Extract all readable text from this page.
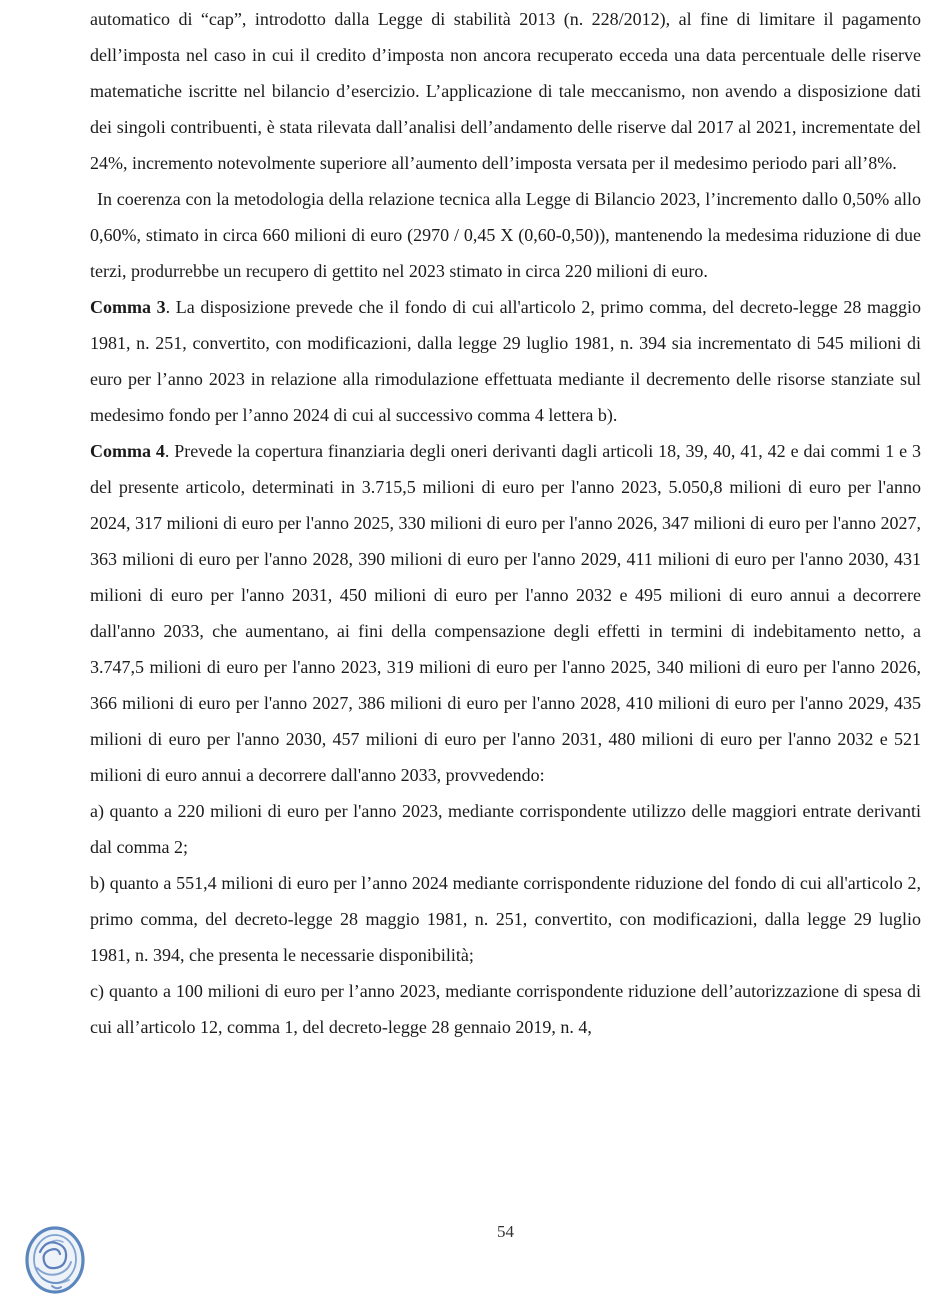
automatico di “cap”, introdotto dalla Legge di stabilità 2013 (n. 228/2012), al fine di limitare il pagamento dell’imposta nel caso in cui il credito d’imposta non ancora recuperato ecceda una data percentuale delle riserve matematiche iscritte nel bilancio d’esercizio. L’applicazione di tale meccanismo, non avendo a disposizione dati dei singoli contribuenti, è stata rilevata dall’analisi dell’andamento delle riserve dal 2017 al 2021, incrementate del 24%, incremento notevolmente superiore all’aumento dell’imposta versata per il medesimo periodo pari all’8%.

In coerenza con la metodologia della relazione tecnica alla Legge di Bilancio 2023, l’incremento dallo 0,50% allo 0,60%, stimato in circa 660 milioni di euro (2970 / 0,45 X (0,60-0,50)), mantenendo la medesima riduzione di due terzi, produrrebbe un recupero di gettito nel 2023 stimato in circa 220 milioni di euro.

Comma 3. La disposizione prevede che il fondo di cui all'articolo 2, primo comma, del decreto-legge 28 maggio 1981, n. 251, convertito, con modificazioni, dalla legge 29 luglio 1981, n. 394 sia incrementato di 545 milioni di euro per l’anno 2023 in relazione alla rimodulazione effettuata mediante il decremento delle risorse stanziate sul medesimo fondo per l’anno 2024 di cui al successivo comma 4 lettera b).

Comma 4. Prevede la copertura finanziaria degli oneri derivanti dagli articoli 18, 39, 40, 41, 42 e dai commi 1 e 3 del presente articolo, determinati in 3.715,5 milioni di euro per l'anno 2023, 5.050,8 milioni di euro per l'anno 2024, 317 milioni di euro per l'anno 2025, 330 milioni di euro per l'anno 2026, 347 milioni di euro per l'anno 2027, 363 milioni di euro per l'anno 2028, 390 milioni di euro per l'anno 2029, 411 milioni di euro per l'anno 2030, 431 milioni di euro per l'anno 2031, 450 milioni di euro per l'anno 2032 e 495 milioni di euro annui a decorrere dall'anno 2033, che aumentano, ai fini della compensazione degli effetti in termini di indebitamento netto, a 3.747,5 milioni di euro per l'anno 2023, 319 milioni di euro per l'anno 2025, 340 milioni di euro per l'anno 2026, 366 milioni di euro per l'anno 2027, 386 milioni di euro per l'anno 2028, 410 milioni di euro per l'anno 2029, 435 milioni di euro per l'anno 2030, 457 milioni di euro per l'anno 2031, 480 milioni di euro per l'anno 2032 e 521 milioni di euro annui a decorrere dall'anno 2033, provvedendo:

a) quanto a 220 milioni di euro per l'anno 2023, mediante corrispondente utilizzo delle maggiori entrate derivanti dal comma 2;

b) quanto a 551,4 milioni di euro per l’anno 2024 mediante corrispondente riduzione del fondo di cui all'articolo 2, primo comma, del decreto-legge 28 maggio 1981, n. 251, convertito, con modificazioni, dalla legge 29 luglio 1981, n. 394, che presenta le necessarie disponibilità;

c) quanto a 100 milioni di euro per l’anno 2023, mediante corrispondente riduzione dell’autorizzazione di spesa di cui all’articolo 12, comma 1, del decreto-legge 28 gennaio 2019, n. 4,

54
